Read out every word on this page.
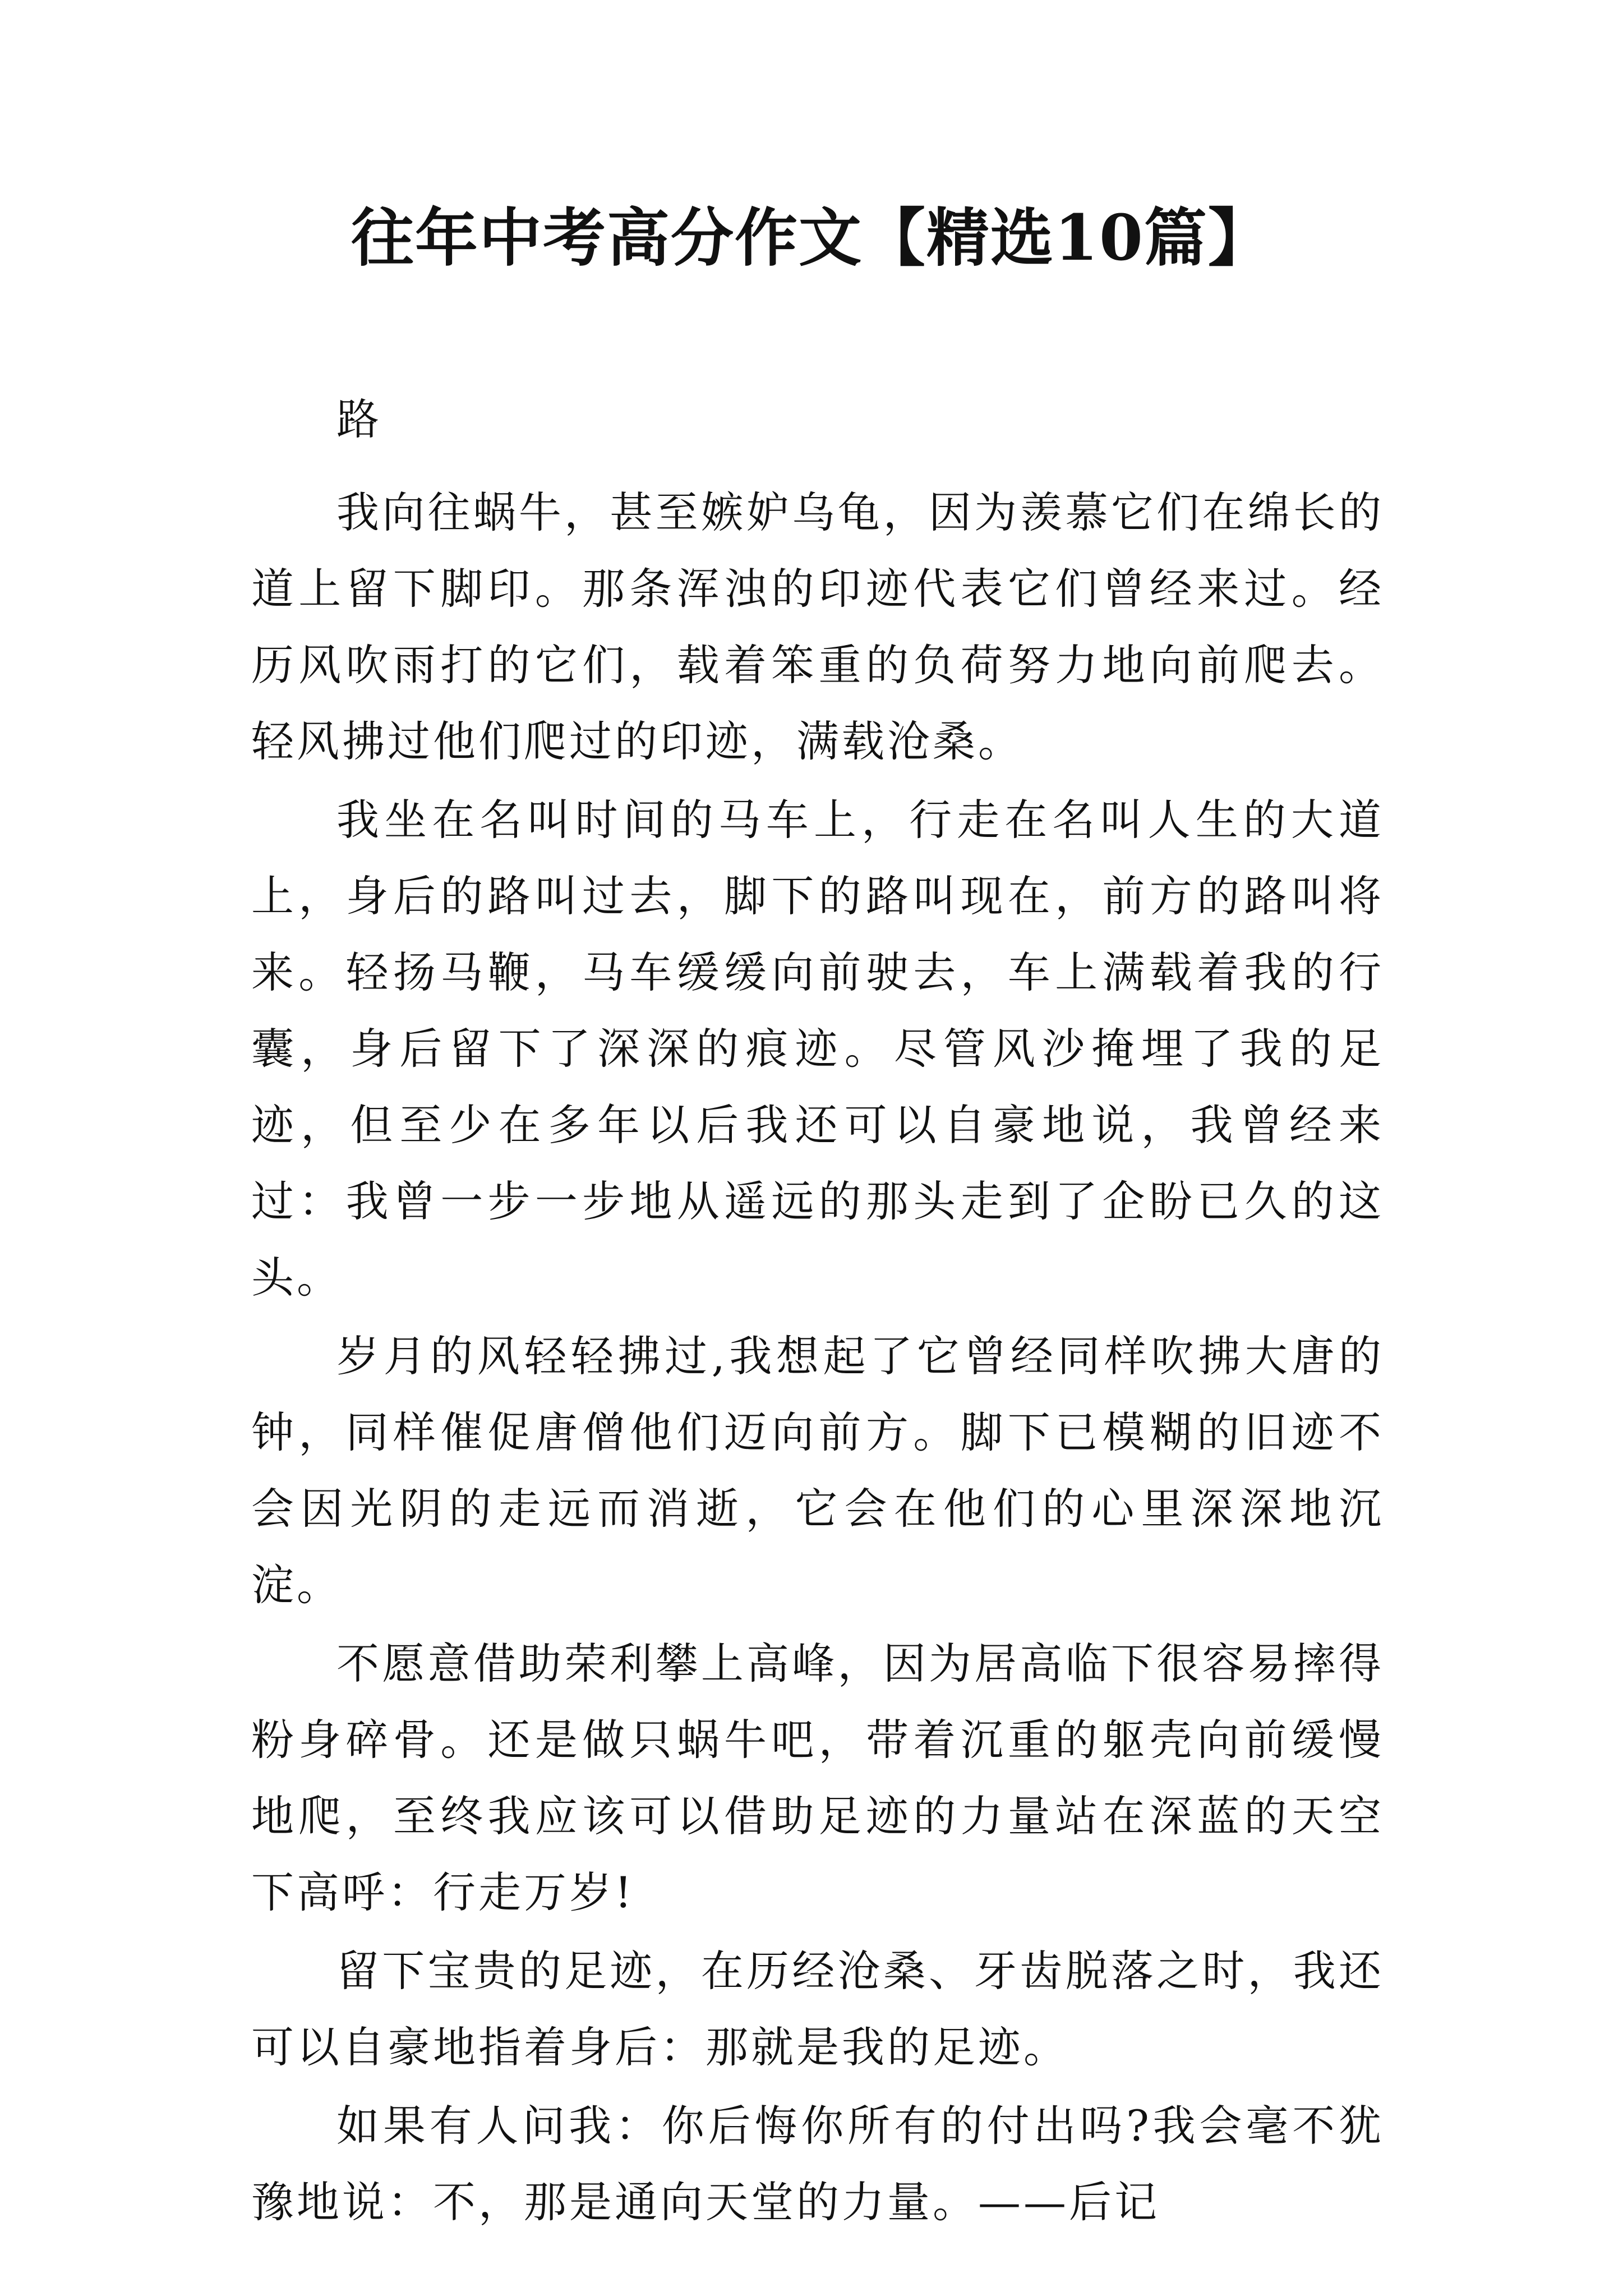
往年中考高分作文【精选10篇】

路

我向往蜗牛，甚至嫉妒乌龟，因为羡慕它们在绵长的道上留下脚印。那条浑浊的印迹代表它们曾经来过。经历风吹雨打的它们，载着笨重的负荷努力地向前爬去。轻风拂过他们爬过的印迹，满载沧桑。

我坐在名叫时间的马车上，行走在名叫人生的大道上，身后的路叫过去，脚下的路叫现在，前方的路叫将来。轻扬马鞭，马车缓缓向前驶去，车上满载着我的行囊，身后留下了深深的痕迹。尽管风沙掩埋了我的足迹，但至少在多年以后我还可以自豪地说，我曾经来过：我曾一步一步地从遥远的那头走到了企盼已久的这头。

岁月的风轻轻拂过,我想起了它曾经同样吹拂大唐的钟，同样催促唐僧他们迈向前方。脚下已模糊的旧迹不会因光阴的走远而消逝，它会在他们的心里深深地沉淀。

不愿意借助荣利攀上高峰，因为居高临下很容易摔得粉身碎骨。还是做只蜗牛吧，带着沉重的躯壳向前缓慢地爬，至终我应该可以借助足迹的力量站在深蓝的天空下高呼：行走万岁!

留下宝贵的足迹，在历经沧桑、牙齿脱落之时，我还可以自豪地指着身后：那就是我的足迹。

如果有人问我：你后悔你所有的付出吗?我会毫不犹豫地说：不，那是通向天堂的力量。——后记
